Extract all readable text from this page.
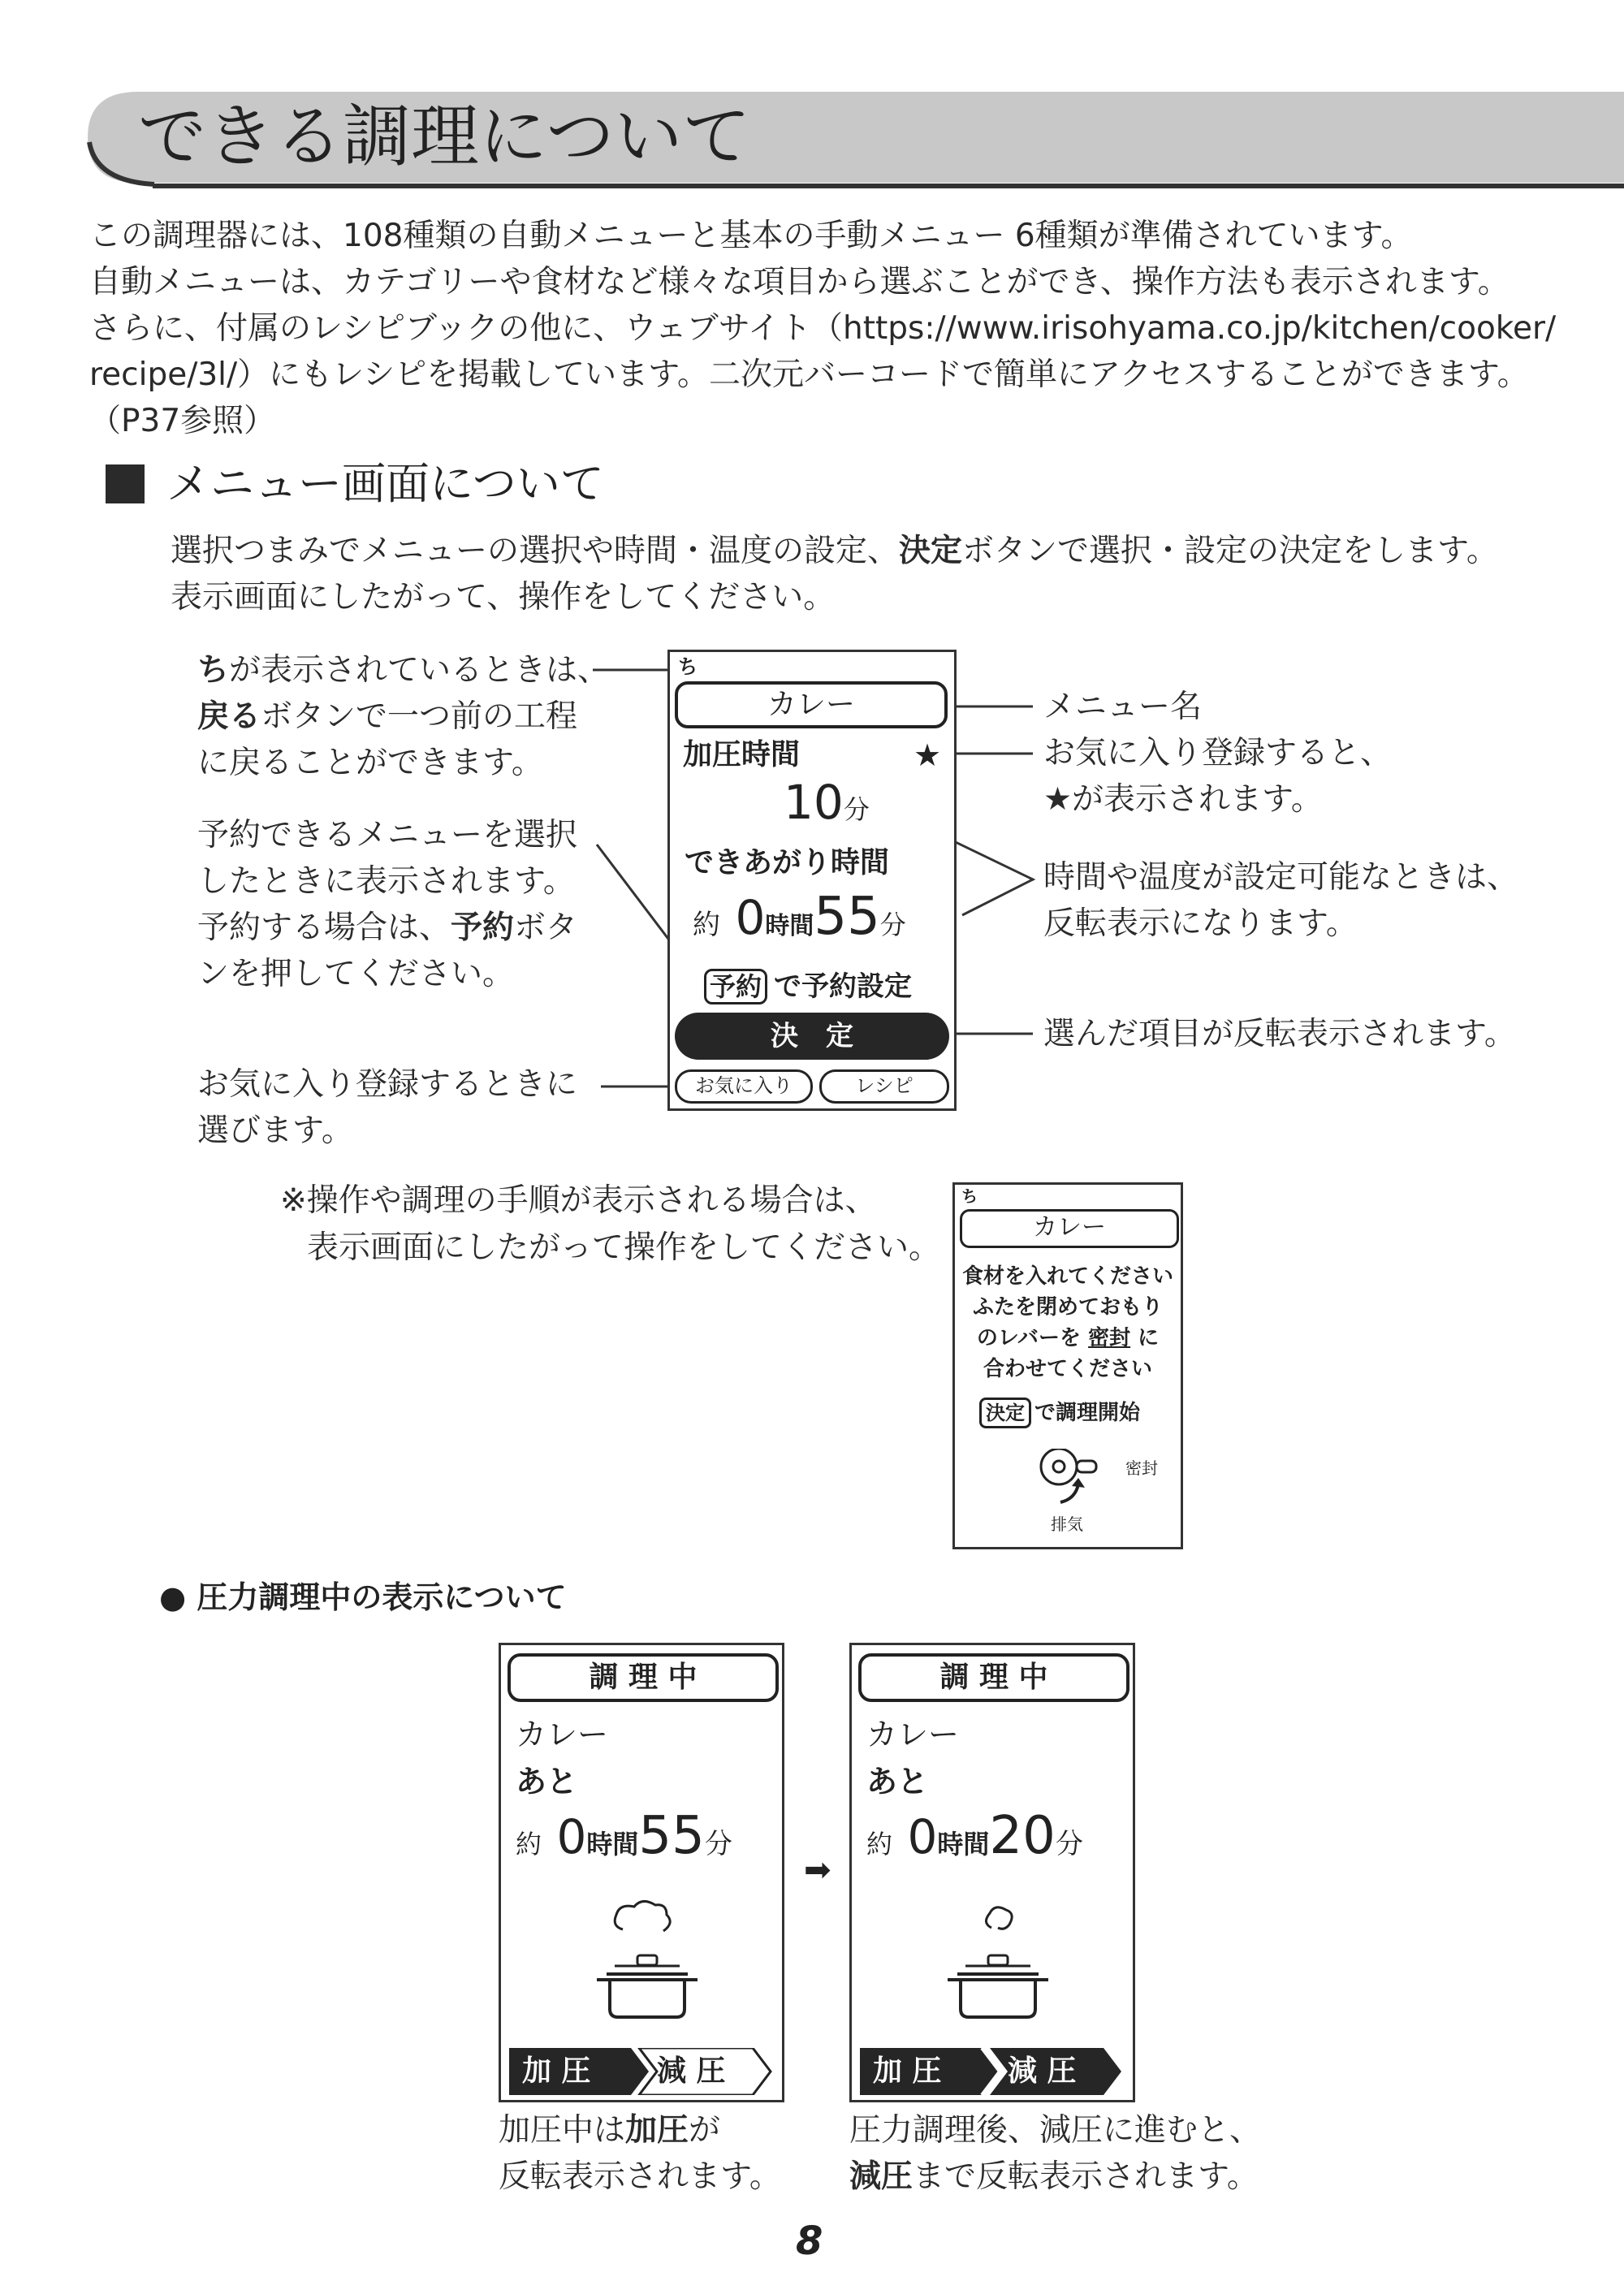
できる調理について
この調理器には、108種類の自動メニューと基本の手動メニュー 6種類が準備されています。
自動メニューは、カテゴリーや食材など様々な項目から選ぶことができ、操作方法も表示されます。
さらに、付属のレシピブックの他に、ウェブサイト（https://www.irisohyama.co.jp/kitchen/cooker/
recipe/3l/）にもレシピを掲載しています。二次元バーコードで簡単にアクセスすることができます。
（P37参照）
メニュー画面について
選択つまみでメニューの選択や時間・温度の設定、決定ボタンで選択・設定の決定をします。
表示画面にしたがって、操作をしてください。
ちが表示されているときは、
戻るボタンで一つ前の工程
に戻ることができます。
予約できるメニューを選択
したときに表示されます。
予約する場合は、予約ボタ
ンを押してください。
お気に入り登録するときに
選びます。
メニュー名
お気に入り登録すると、
★が表示されます。
時間や温度が設定可能なときは、
反転表示になります。
選んだ項目が反転表示されます。
ち
カレー
加圧時間	★
10分
できあがり時間
約 0時間55分
予約 で予約設定
決　定
お気に入り	レシピ
※操作や調理の手順が表示される場合は、
表示画面にしたがって操作をしてください。
ち
カレー
食材を入れてください
ふたを閉めておもり
のレバーを 密封 に
合わせてください
決定 で調理開始
密封
排気
● 圧力調理中の表示について
調 理 中
カレー
あと
約 0時間55分
加 圧 減 圧
➡
調 理 中
カレー
あと
約 0時間20分
加 圧 減 圧
加圧中は加圧が
反転表示されます。
圧力調理後、減圧に進むと、
減圧まで反転表示されます。
8
